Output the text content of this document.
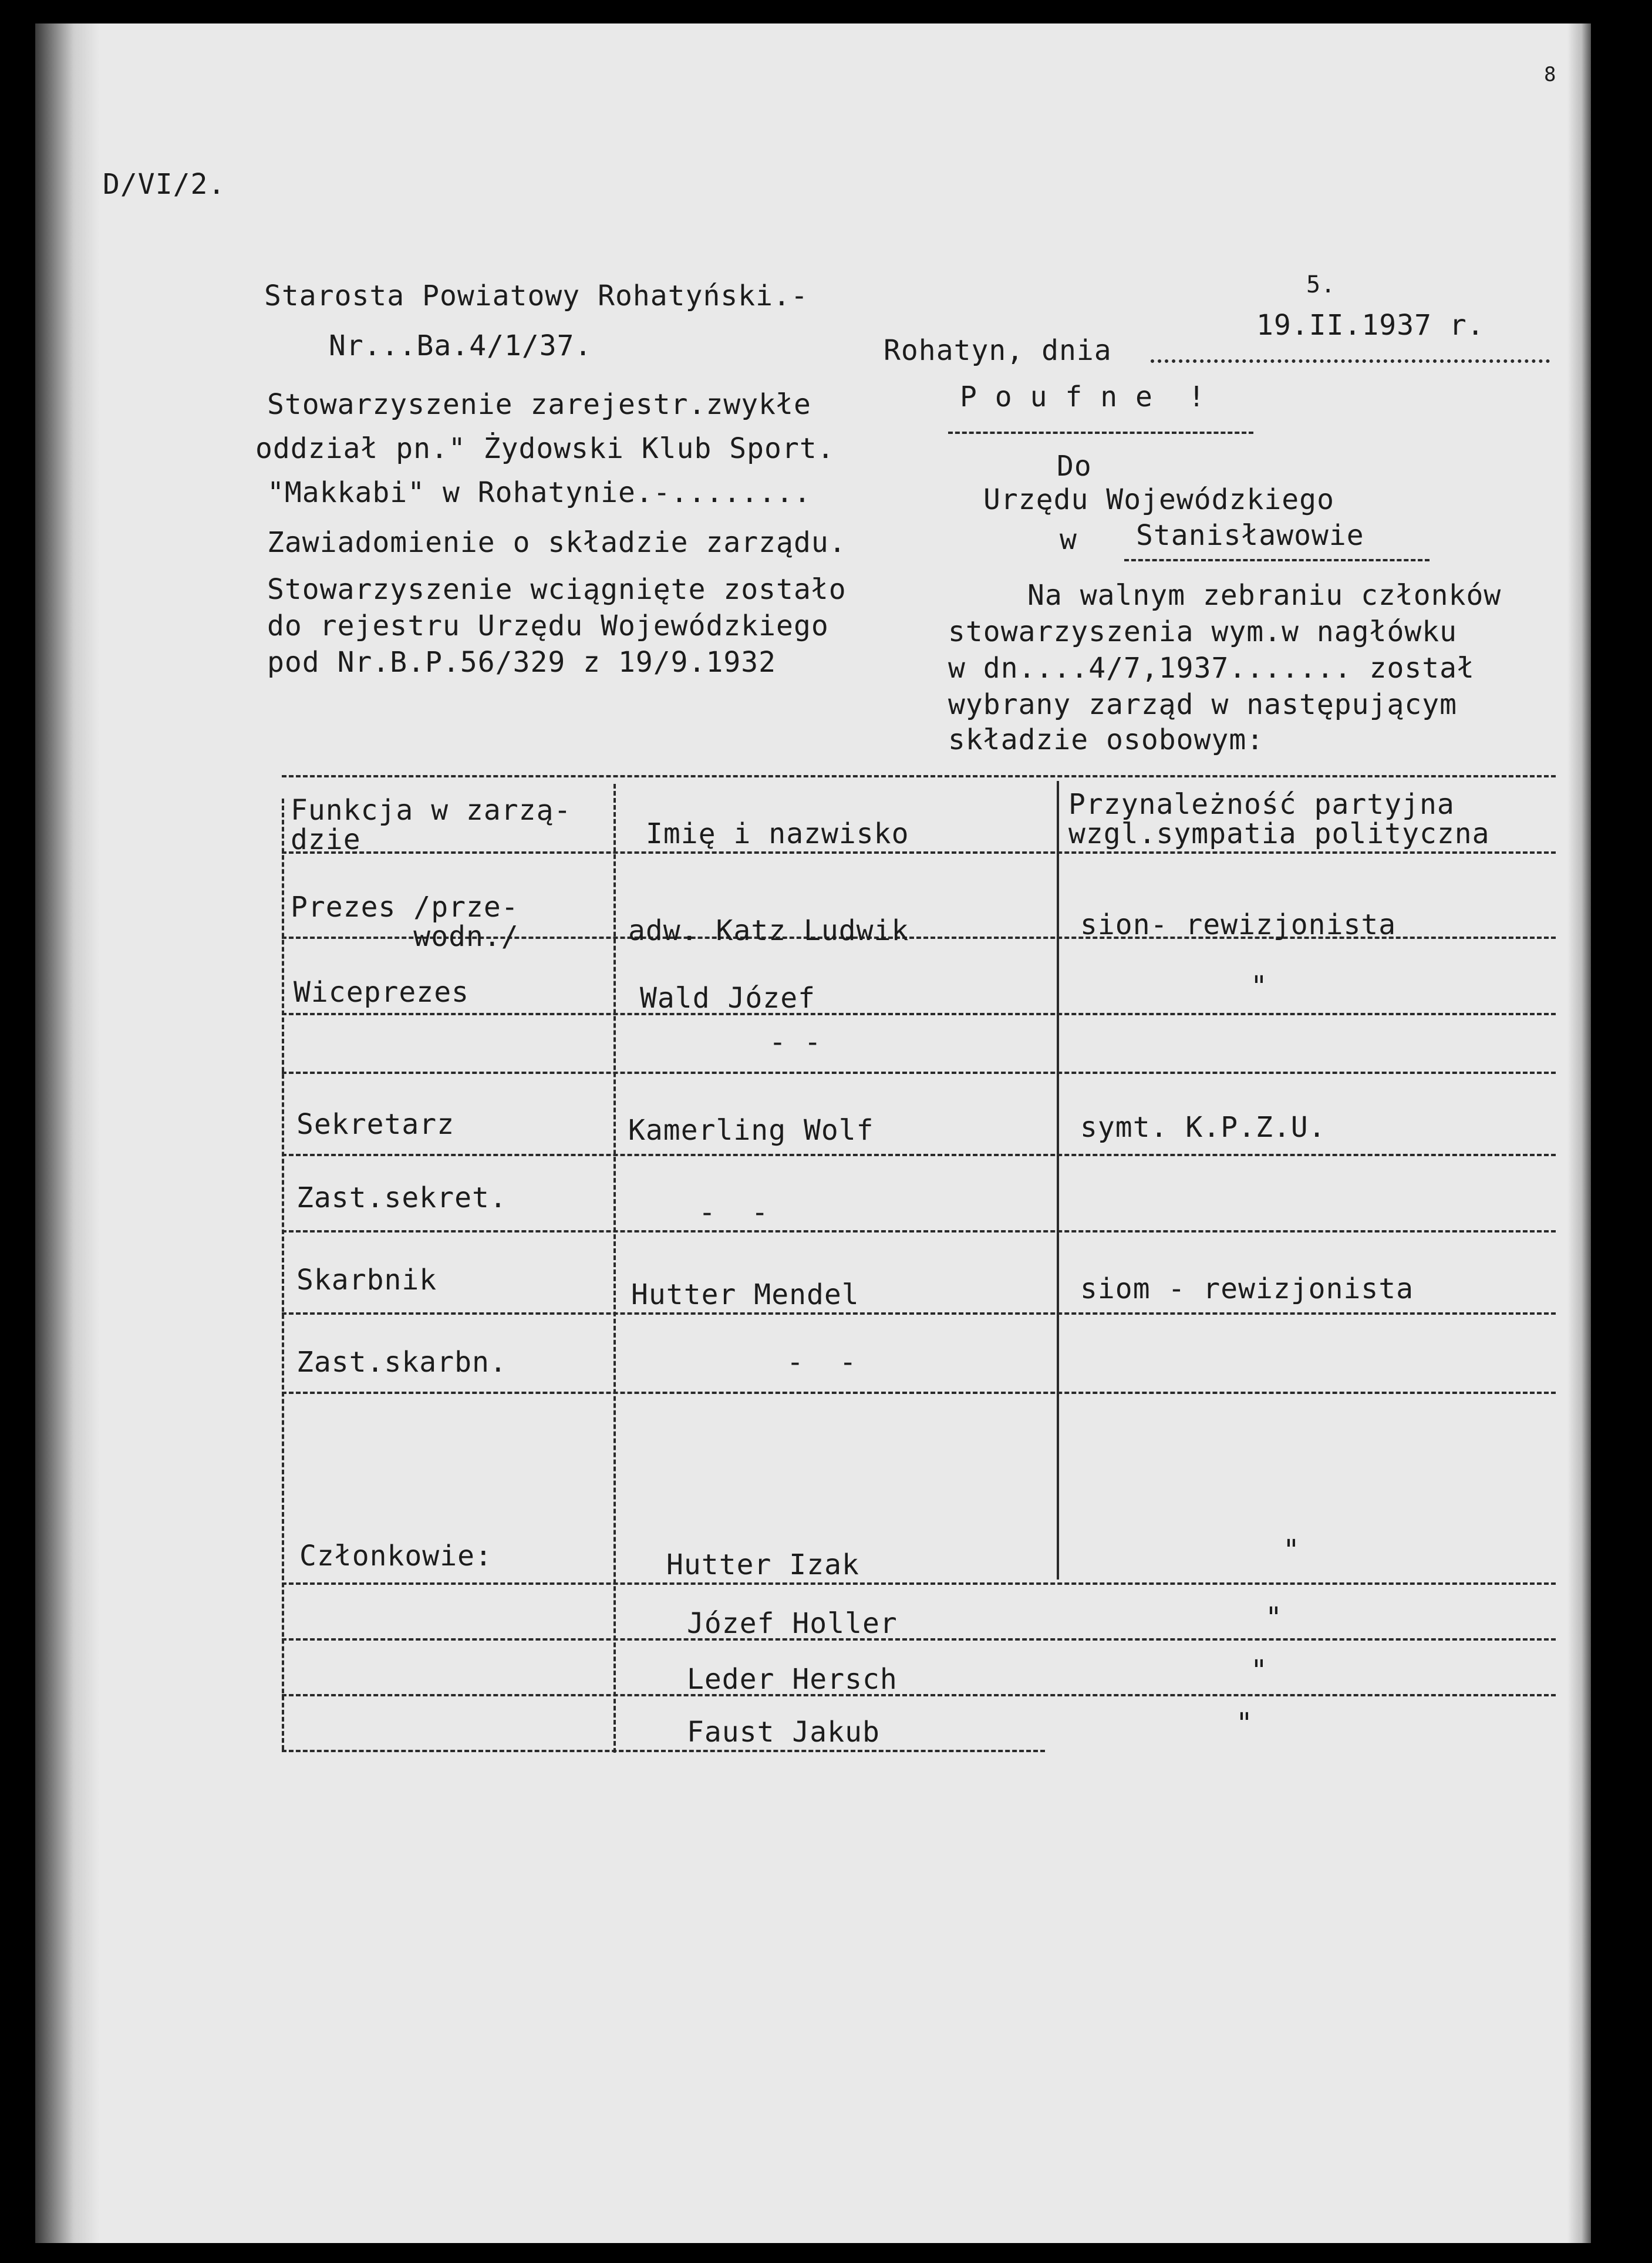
8
D/VI/2.
Starosta Powiatowy Rohatyński.-
Nr...Ba.4/1/37.
Stowarzyszenie zarejestr.zwykłe
oddział pn." Żydowski Klub Sport.
"Makkabi" w Rohatynie.-........
Zawiadomienie o składzie zarządu.
Stowarzyszenie wciągnięte zostało
do rejestru Urzędu Wojewódzkiego
pod Nr.B.P.56/329 z 19/9.1932
5.
19.II.1937 r.
Rohatyn, dnia
P o u f n e  !
Do
Urzędu Wojewódzkiego
w Stanisławowie
Na walnym zebraniu członków
stowarzyszenia wym.w nagłówku
w dn....4/7,1937....... został
wybrany zarząd w następującym
składzie osobowym:
Funkcja w zarzą-
dzie	Imię i nazwisko
Przynależność partyjna
wzgl.sympatia polityczna
Prezes /prze-
wodn./	adw. Katz Ludwik	sion- rewizjonista
Wiceprezes	Wald Józef	"
- -
Sekretarz	Kamerling Wolf	symt. K.P.Z.U.
Zast.sekret.	-  -
Skarbnik	Hutter Mendel	siom - rewizjonista
Zast.skarbn.	-  -
Członkowie:	Hutter Izak	"
Józef Holler	"
Leder Hersch	"
Faust Jakub	"
